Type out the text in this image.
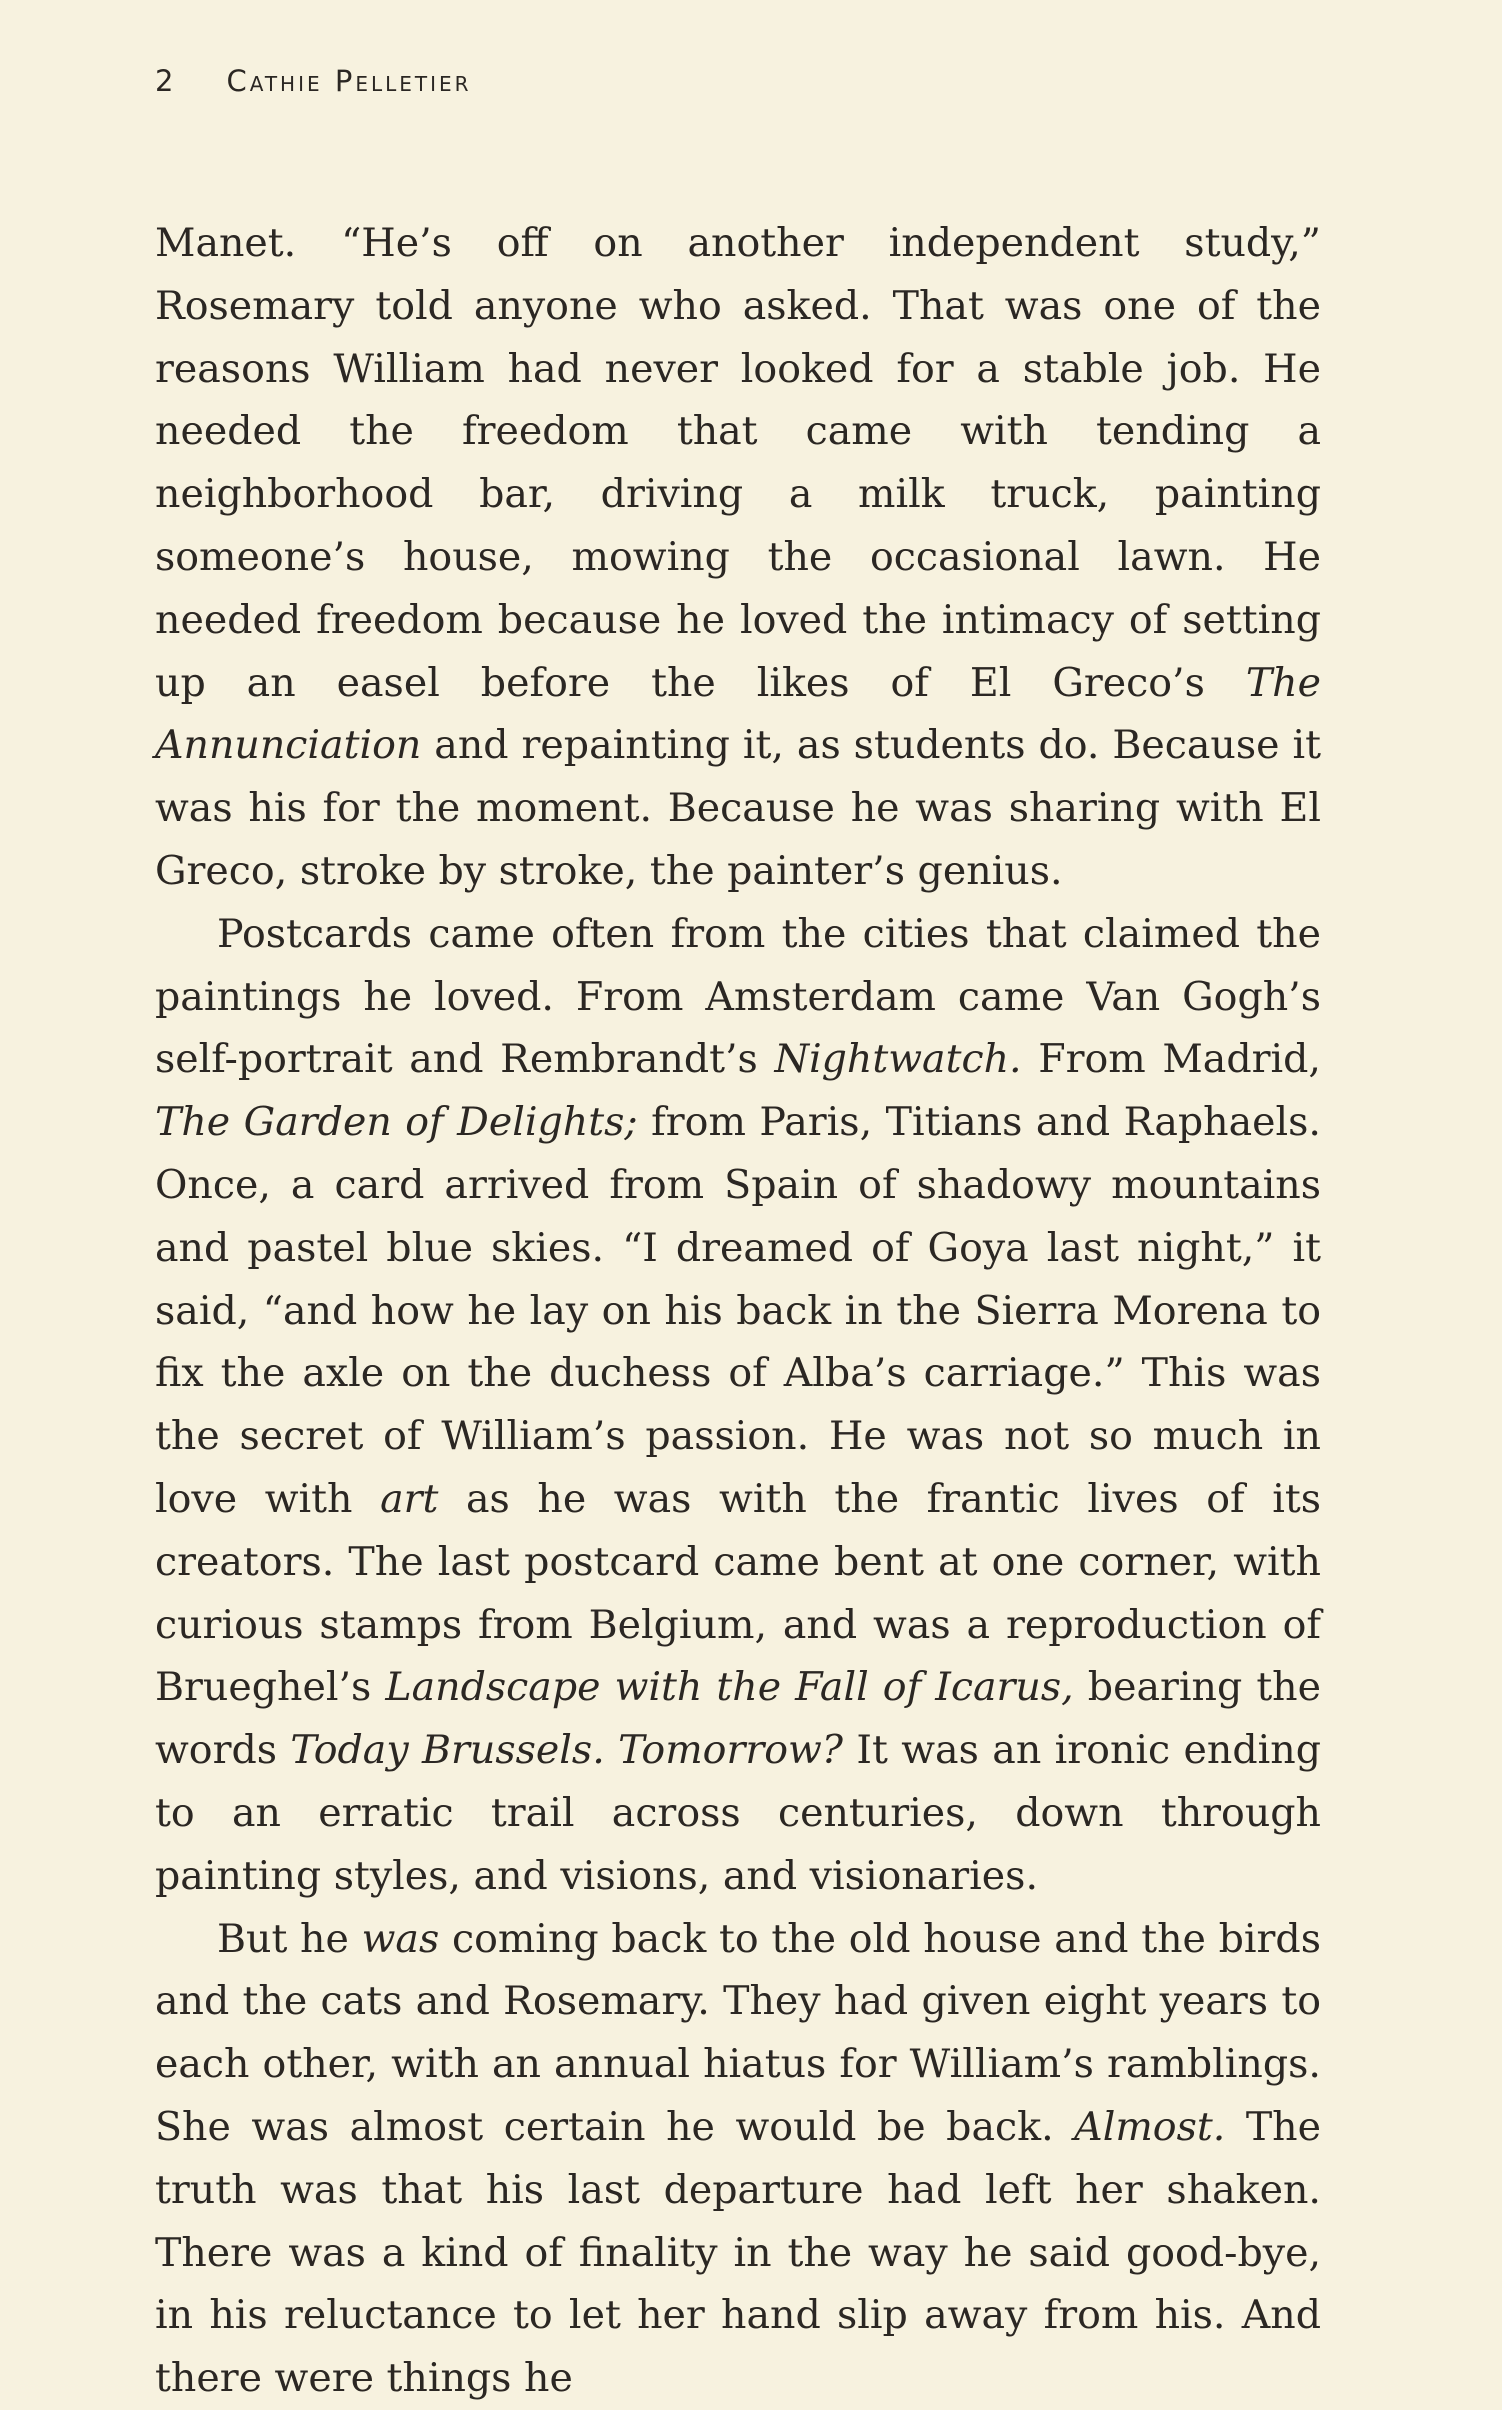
2 Cathie Pelletier

Manet. “He’s off on another independent study,” Rosemary told anyone who asked. That was one of the reasons William had never looked for a stable job. He needed the freedom that came with tending a neighborhood bar, driving a milk truck, painting someone’s house, mowing the occasional lawn. He needed freedom because he loved the intimacy of setting up an easel before the likes of El Greco’s The Annunciation and repainting it, as students do. Because it was his for the moment. Because he was sharing with El Greco, stroke by stroke, the painter’s genius.

Postcards came often from the cities that claimed the paintings he loved. From Amsterdam came Van Gogh’s self-portrait and Rembrandt’s Nightwatch. From Madrid, The Garden of Delights; from Paris, Titians and Raphaels. Once, a card arrived from Spain of shadowy mountains and pastel blue skies. “I dreamed of Goya last night,” it said, “and how he lay on his back in the Sierra Morena to fix the axle on the duchess of Alba’s carriage.” This was the secret of William’s passion. He was not so much in love with art as he was with the frantic lives of its creators. The last postcard came bent at one corner, with curious stamps from Belgium, and was a reproduction of Brueghel’s Landscape with the Fall of Icarus, bearing the words Today Brussels. Tomorrow? It was an ironic ending to an erratic trail across centuries, down through painting styles, and visions, and visionaries.

But he was coming back to the old house and the birds and the cats and Rosemary. They had given eight years to each other, with an annual hiatus for William’s ramblings. She was almost certain he would be back. Almost. The truth was that his last departure had left her shaken. There was a kind of finality in the way he said good-bye, in his reluctance to let her hand slip away from his. And there were things he
